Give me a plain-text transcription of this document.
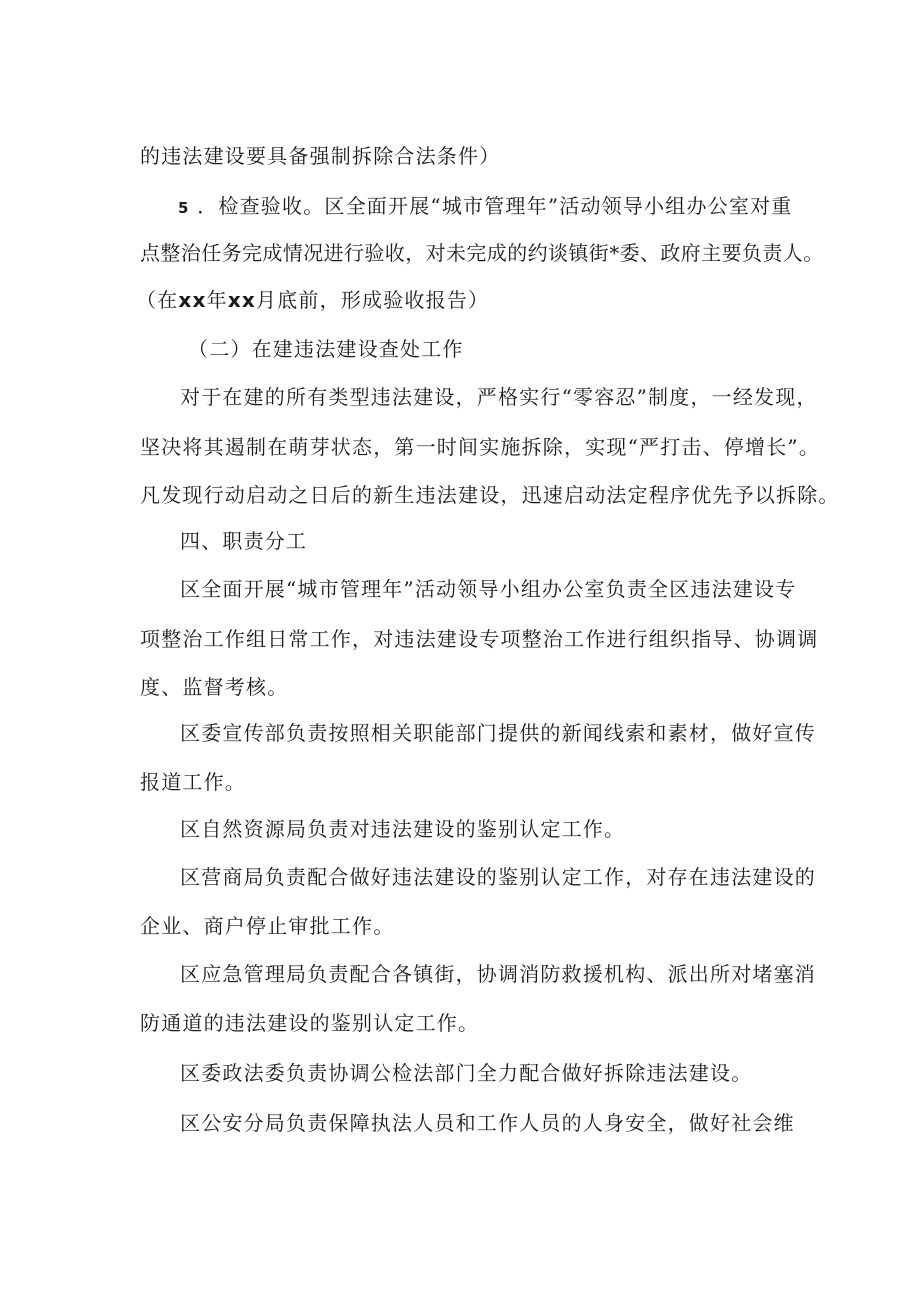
的违法建设要具备强制拆除合法条件）
5 ．检查验收。区全面开展“城市管理年”活动领导小组办公室对重
点整治任务完成情况进行验收，对未完成的约谈镇街*委、政府主要负责人。
（在xx年xx月底前，形成验收报告）
（二）在建违法建设查处工作
对于在建的所有类型违法建设，严格实行“零容忍”制度，一经发现，
坚决将其遏制在萌芽状态，第一时间实施拆除，实现“严打击、停增长”。
凡发现行动启动之日后的新生违法建设，迅速启动法定程序优先予以拆除。
四、职责分工
区全面开展“城市管理年”活动领导小组办公室负责全区违法建设专
项整治工作组日常工作，对违法建设专项整治工作进行组织指导、协调调
度、监督考核。
区委宣传部负责按照相关职能部门提供的新闻线索和素材，做好宣传
报道工作。
区自然资源局负责对违法建设的鉴别认定工作。
区营商局负责配合做好违法建设的鉴别认定工作，对存在违法建设的
企业、商户停止审批工作。
区应急管理局负责配合各镇街，协调消防救援机构、派出所对堵塞消
防通道的违法建设的鉴别认定工作。
区委政法委负责协调公检法部门全力配合做好拆除违法建设。
区公安分局负责保障执法人员和工作人员的人身安全，做好社会维
